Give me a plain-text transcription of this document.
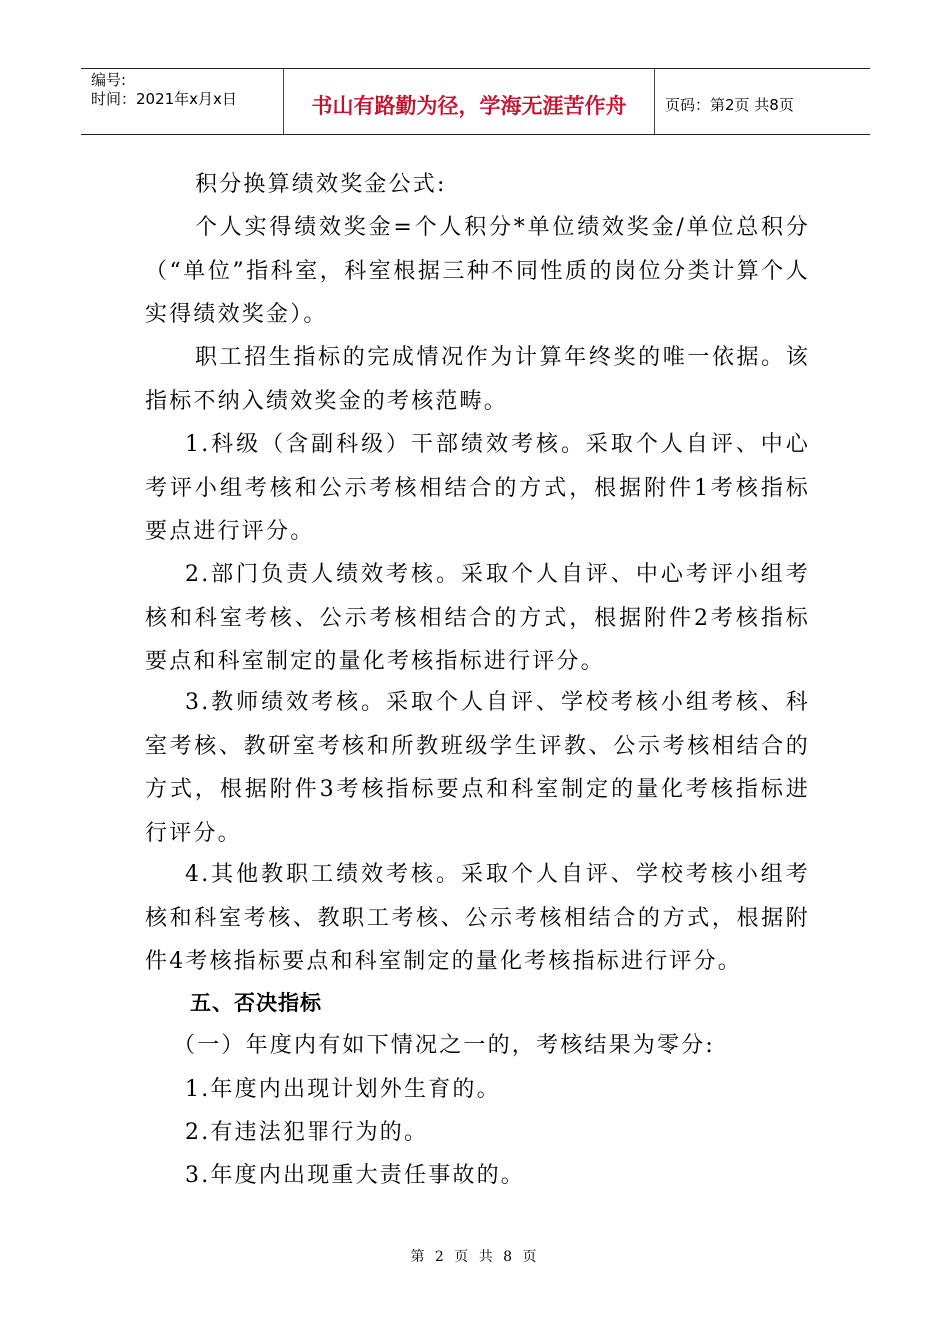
编号:
时间：2021年x月x日	书山有路勤为径，学海无涯苦作舟	页码：第2页 共8页

积分换算绩效奖金公式:

个人实得绩效奖金=个人积分*单位绩效奖金/单位总积分（“单位”指科室，科室根据三种不同性质的岗位分类计算个人实得绩效奖金）。

职工招生指标的完成情况作为计算年终奖的唯一依据。该指标不纳入绩效奖金的考核范畴。

1.科级（含副科级）干部绩效考核。采取个人自评、中心考评小组考核和公示考核相结合的方式，根据附件1考核指标要点进行评分。

2.部门负责人绩效考核。采取个人自评、中心考评小组考核和科室考核、公示考核相结合的方式，根据附件2考核指标要点和科室制定的量化考核指标进行评分。

3.教师绩效考核。采取个人自评、学校考核小组考核、科室考核、教研室考核和所教班级学生评教、公示考核相结合的方式，根据附件3考核指标要点和科室制定的量化考核指标进行评分。

4.其他教职工绩效考核。采取个人自评、学校考核小组考核和科室考核、教职工考核、公示考核相结合的方式，根据附件4考核指标要点和科室制定的量化考核指标进行评分。

五、否决指标

（一）年度内有如下情况之一的，考核结果为零分:

1.年度内出现计划外生育的。

2.有违法犯罪行为的。

3.年度内出现重大责任事故的。

第 2 页 共 8 页
